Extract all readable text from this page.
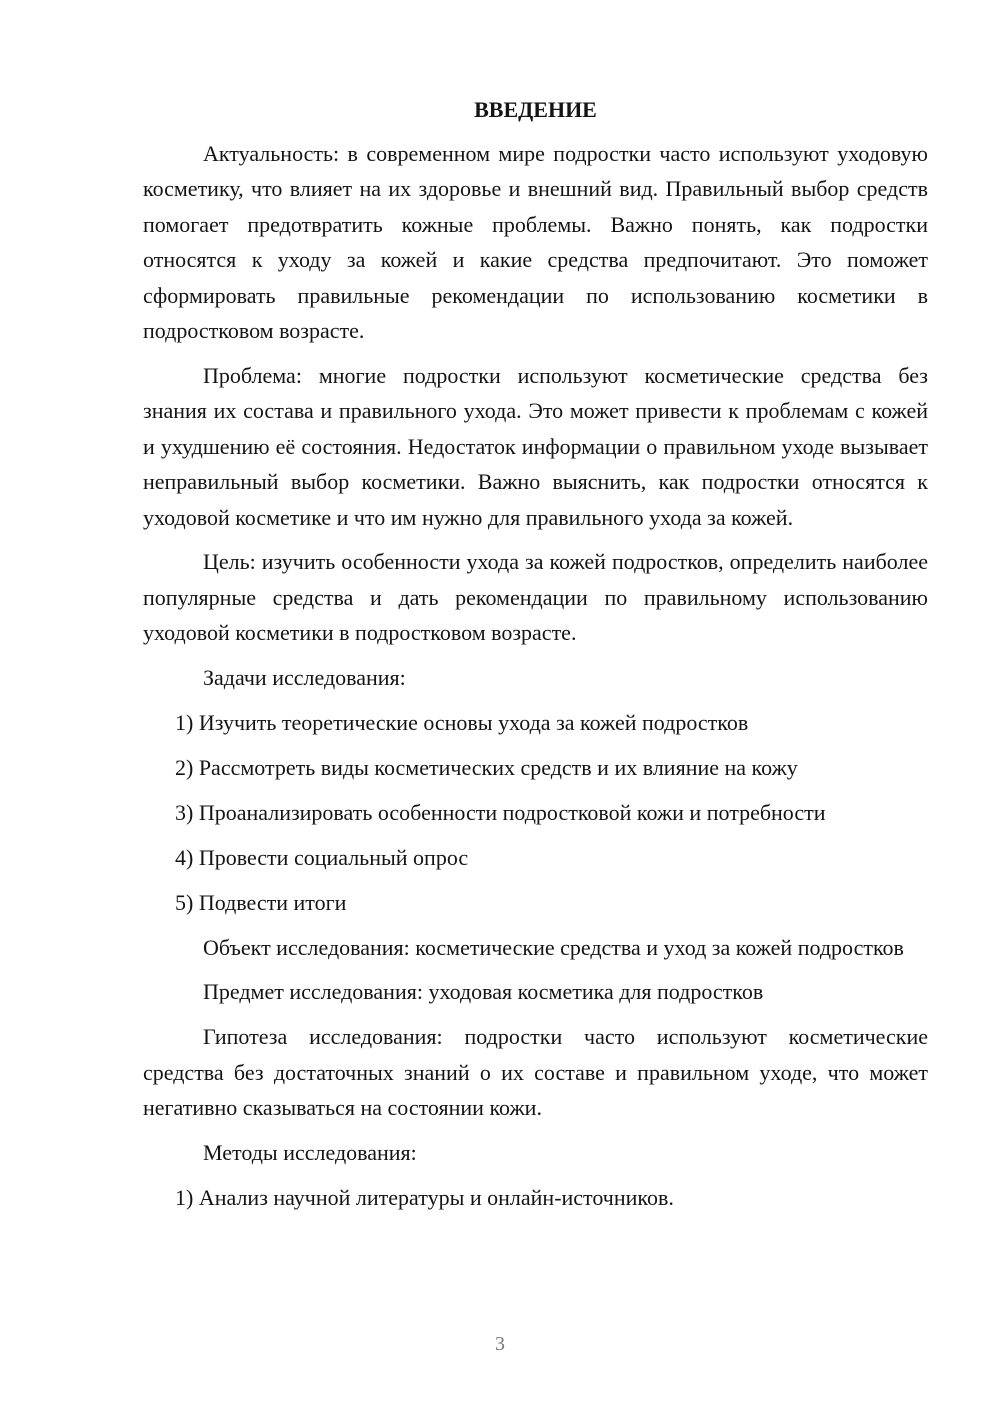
ВВЕДЕНИЕ

Актуальность: в современном мире подростки часто используют уходовую косметику, что влияет на их здоровье и внешний вид. Правильный выбор средств помогает предотвратить кожные проблемы. Важно понять, как подростки относятся к уходу за кожей и какие средства предпочитают. Это поможет сформировать правильные рекомендации по использованию косметики в подростковом возрасте.

Проблема: многие подростки используют косметические средства без знания их состава и правильного ухода. Это может привести к проблемам с кожей и ухудшению её состояния. Недостаток информации о правильном уходе вызывает неправильный выбор косметики. Важно выяснить, как подростки относятся к уходовой косметике и что им нужно для правильного ухода за кожей.

Цель: изучить особенности ухода за кожей подростков, определить наиболее популярные средства и дать рекомендации по правильному использованию уходовой косметики в подростковом возрасте.

Задачи исследования:
1) Изучить теоретические основы ухода за кожей подростков
2) Рассмотреть виды косметических средств и их влияние на кожу
3) Проанализировать особенности подростковой кожи и потребности
4) Провести социальный опрос
5) Подвести итоги

Объект исследования: косметические средства и уход за кожей подростков

Предмет исследования: уходовая косметика для подростков

Гипотеза исследования: подростки часто используют косметические средства без достаточных знаний о их составе и правильном уходе, что может негативно сказываться на состоянии кожи.

Методы исследования:
1) Анализ научной литературы и онлайн-источников.
3
